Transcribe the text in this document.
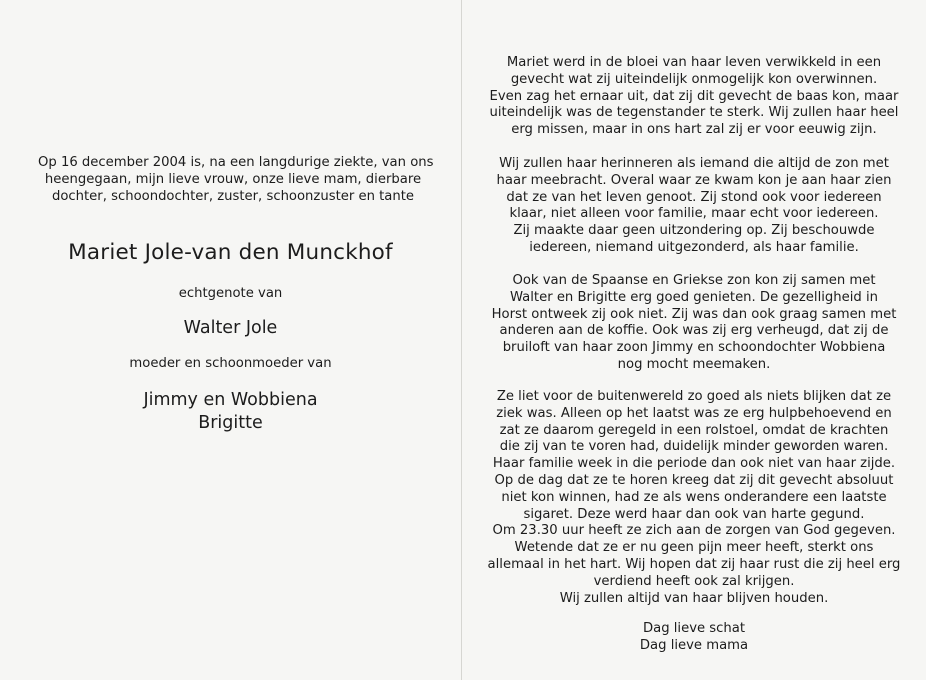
Op 16 december 2004 is, na een langdurige ziekte, van ons
heengegaan, mijn lieve vrouw, onze lieve mam, dierbare
dochter, schoondochter, zuster, schoonzuster en tante
Mariet Jole-van den Munckhof
echtgenote van
Walter Jole
moeder en schoonmoeder van
Jimmy en Wobbiena
Brigitte
Mariet werd in de bloei van haar leven verwikkeld in een
gevecht wat zij uiteindelijk onmogelijk kon overwinnen.
Even zag het ernaar uit, dat zij dit gevecht de baas kon, maar
uiteindelijk was de tegenstander te sterk. Wij zullen haar heel
erg missen, maar in ons hart zal zij er voor eeuwig zijn.
Wij zullen haar herinneren als iemand die altijd de zon met
haar meebracht. Overal waar ze kwam kon je aan haar zien
dat ze van het leven genoot. Zij stond ook voor iedereen
klaar, niet alleen voor familie, maar echt voor iedereen.
Zij maakte daar geen uitzondering op. Zij beschouwde
iedereen, niemand uitgezonderd, als haar familie.
Ook van de Spaanse en Griekse zon kon zij samen met
Walter en Brigitte erg goed genieten. De gezelligheid in
Horst ontweek zij ook niet. Zij was dan ook graag samen met
anderen aan de koffie. Ook was zij erg verheugd, dat zij de
bruiloft van haar zoon Jimmy en schoondochter Wobbiena
nog mocht meemaken.
Ze liet voor de buitenwereld zo goed als niets blijken dat ze
ziek was. Alleen op het laatst was ze erg hulpbehoevend en
zat ze daarom geregeld in een rolstoel, omdat de krachten
die zij van te voren had, duidelijk minder geworden waren.
Haar familie week in die periode dan ook niet van haar zijde.
Op de dag dat ze te horen kreeg dat zij dit gevecht absoluut
niet kon winnen, had ze als wens onderandere een laatste
sigaret. Deze werd haar dan ook van harte gegund.
Om 23.30 uur heeft ze zich aan de zorgen van God gegeven.
Wetende dat ze er nu geen pijn meer heeft, sterkt ons
allemaal in het hart. Wij hopen dat zij haar rust die zij heel erg
verdiend heeft ook zal krijgen.
Wij zullen altijd van haar blijven houden.
Dag lieve schat
Dag lieve mama
